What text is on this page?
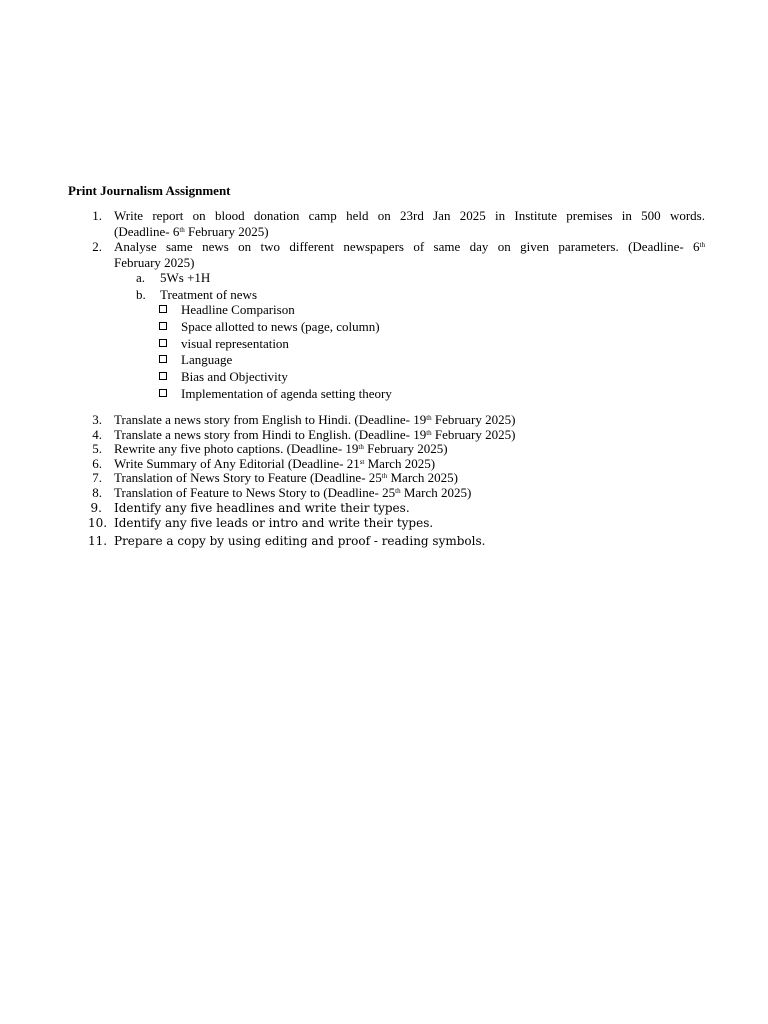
Print Journalism Assignment
1. Write report on blood donation camp held on 23rd Jan 2025 in Institute premises in 500 words.
(Deadline- 6th February 2025)
2. Analyse same news on two different newspapers of same day on given parameters. (Deadline- 6th
February 2025)
a. 5Ws +1H
b. Treatment of news
Headline Comparison
Space allotted to news (page, column)
visual representation
Language
Bias and Objectivity
Implementation of agenda setting theory
3. Translate a news story from English to Hindi. (Deadline- 19th February 2025)
4. Translate a news story from Hindi to English. (Deadline- 19th February 2025)
5. Rewrite any five photo captions. (Deadline- 19th February 2025)
6. Write Summary of Any Editorial (Deadline- 21st March 2025)
7. Translation of News Story to Feature (Deadline- 25th March 2025)
8. Translation of Feature to News Story to (Deadline- 25th March 2025)
9. Identify any five headlines and write their types.
10. Identify any five leads or intro and write their types.
11. Prepare a copy by using editing and proof - reading symbols.
